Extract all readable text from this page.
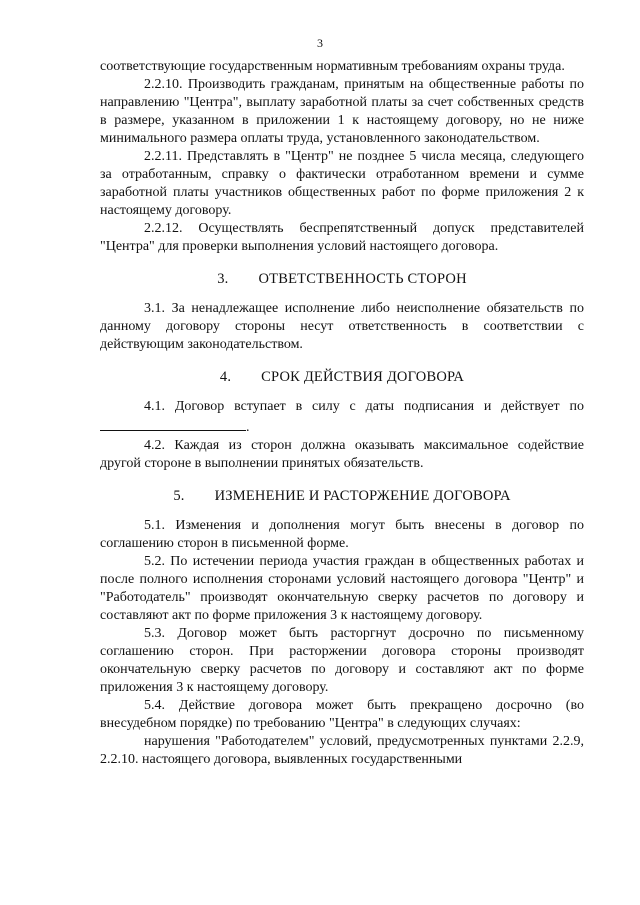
3

соответствующие государственным нормативным требованиям охраны труда.

2.2.10. Производить гражданам, принятым на общественные работы по направлению "Центра", выплату заработной платы за счет собственных средств в размере, указанном в приложении 1 к настоящему договору, но не ниже минимального размера оплаты труда, установленного законодательством.

2.2.11. Представлять в "Центр" не позднее 5 числа месяца, следующего за отработанным, справку о фактически отработанном времени и сумме заработной платы участников общественных работ по форме приложения 2 к настоящему договору.

2.2.12. Осуществлять беспрепятственный допуск представителей "Центра" для проверки выполнения условий настоящего договора.

3. ОТВЕТСТВЕННОСТЬ СТОРОН

3.1. За ненадлежащее исполнение либо неисполнение обязательств по данному договору стороны несут ответственность в соответствии с действующим законодательством.

4. СРОК ДЕЙСТВИЯ ДОГОВОРА

4.1. Договор вступает в силу с даты подписания и действует по .

4.2. Каждая из сторон должна оказывать максимальное содействие другой стороне в выполнении принятых обязательств.

5. ИЗМЕНЕНИЕ И РАСТОРЖЕНИЕ ДОГОВОРА

5.1. Изменения и дополнения могут быть внесены в договор по соглашению сторон в письменной форме.

5.2. По истечении периода участия граждан в общественных работах и после полного исполнения сторонами условий настоящего договора "Центр" и "Работодатель" производят окончательную сверку расчетов по договору и составляют акт по форме приложения 3 к настоящему договору.

5.3. Договор может быть расторгнут досрочно по письменному соглашению сторон. При расторжении договора стороны производят окончательную сверку расчетов по договору и составляют акт по форме приложения 3 к настоящему договору.

5.4. Действие договора может быть прекращено досрочно (во внесудебном порядке) по требованию "Центра" в следующих случаях:

нарушения "Работодателем" условий, предусмотренных пунктами 2.2.9, 2.2.10. настоящего договора, выявленных государственными
